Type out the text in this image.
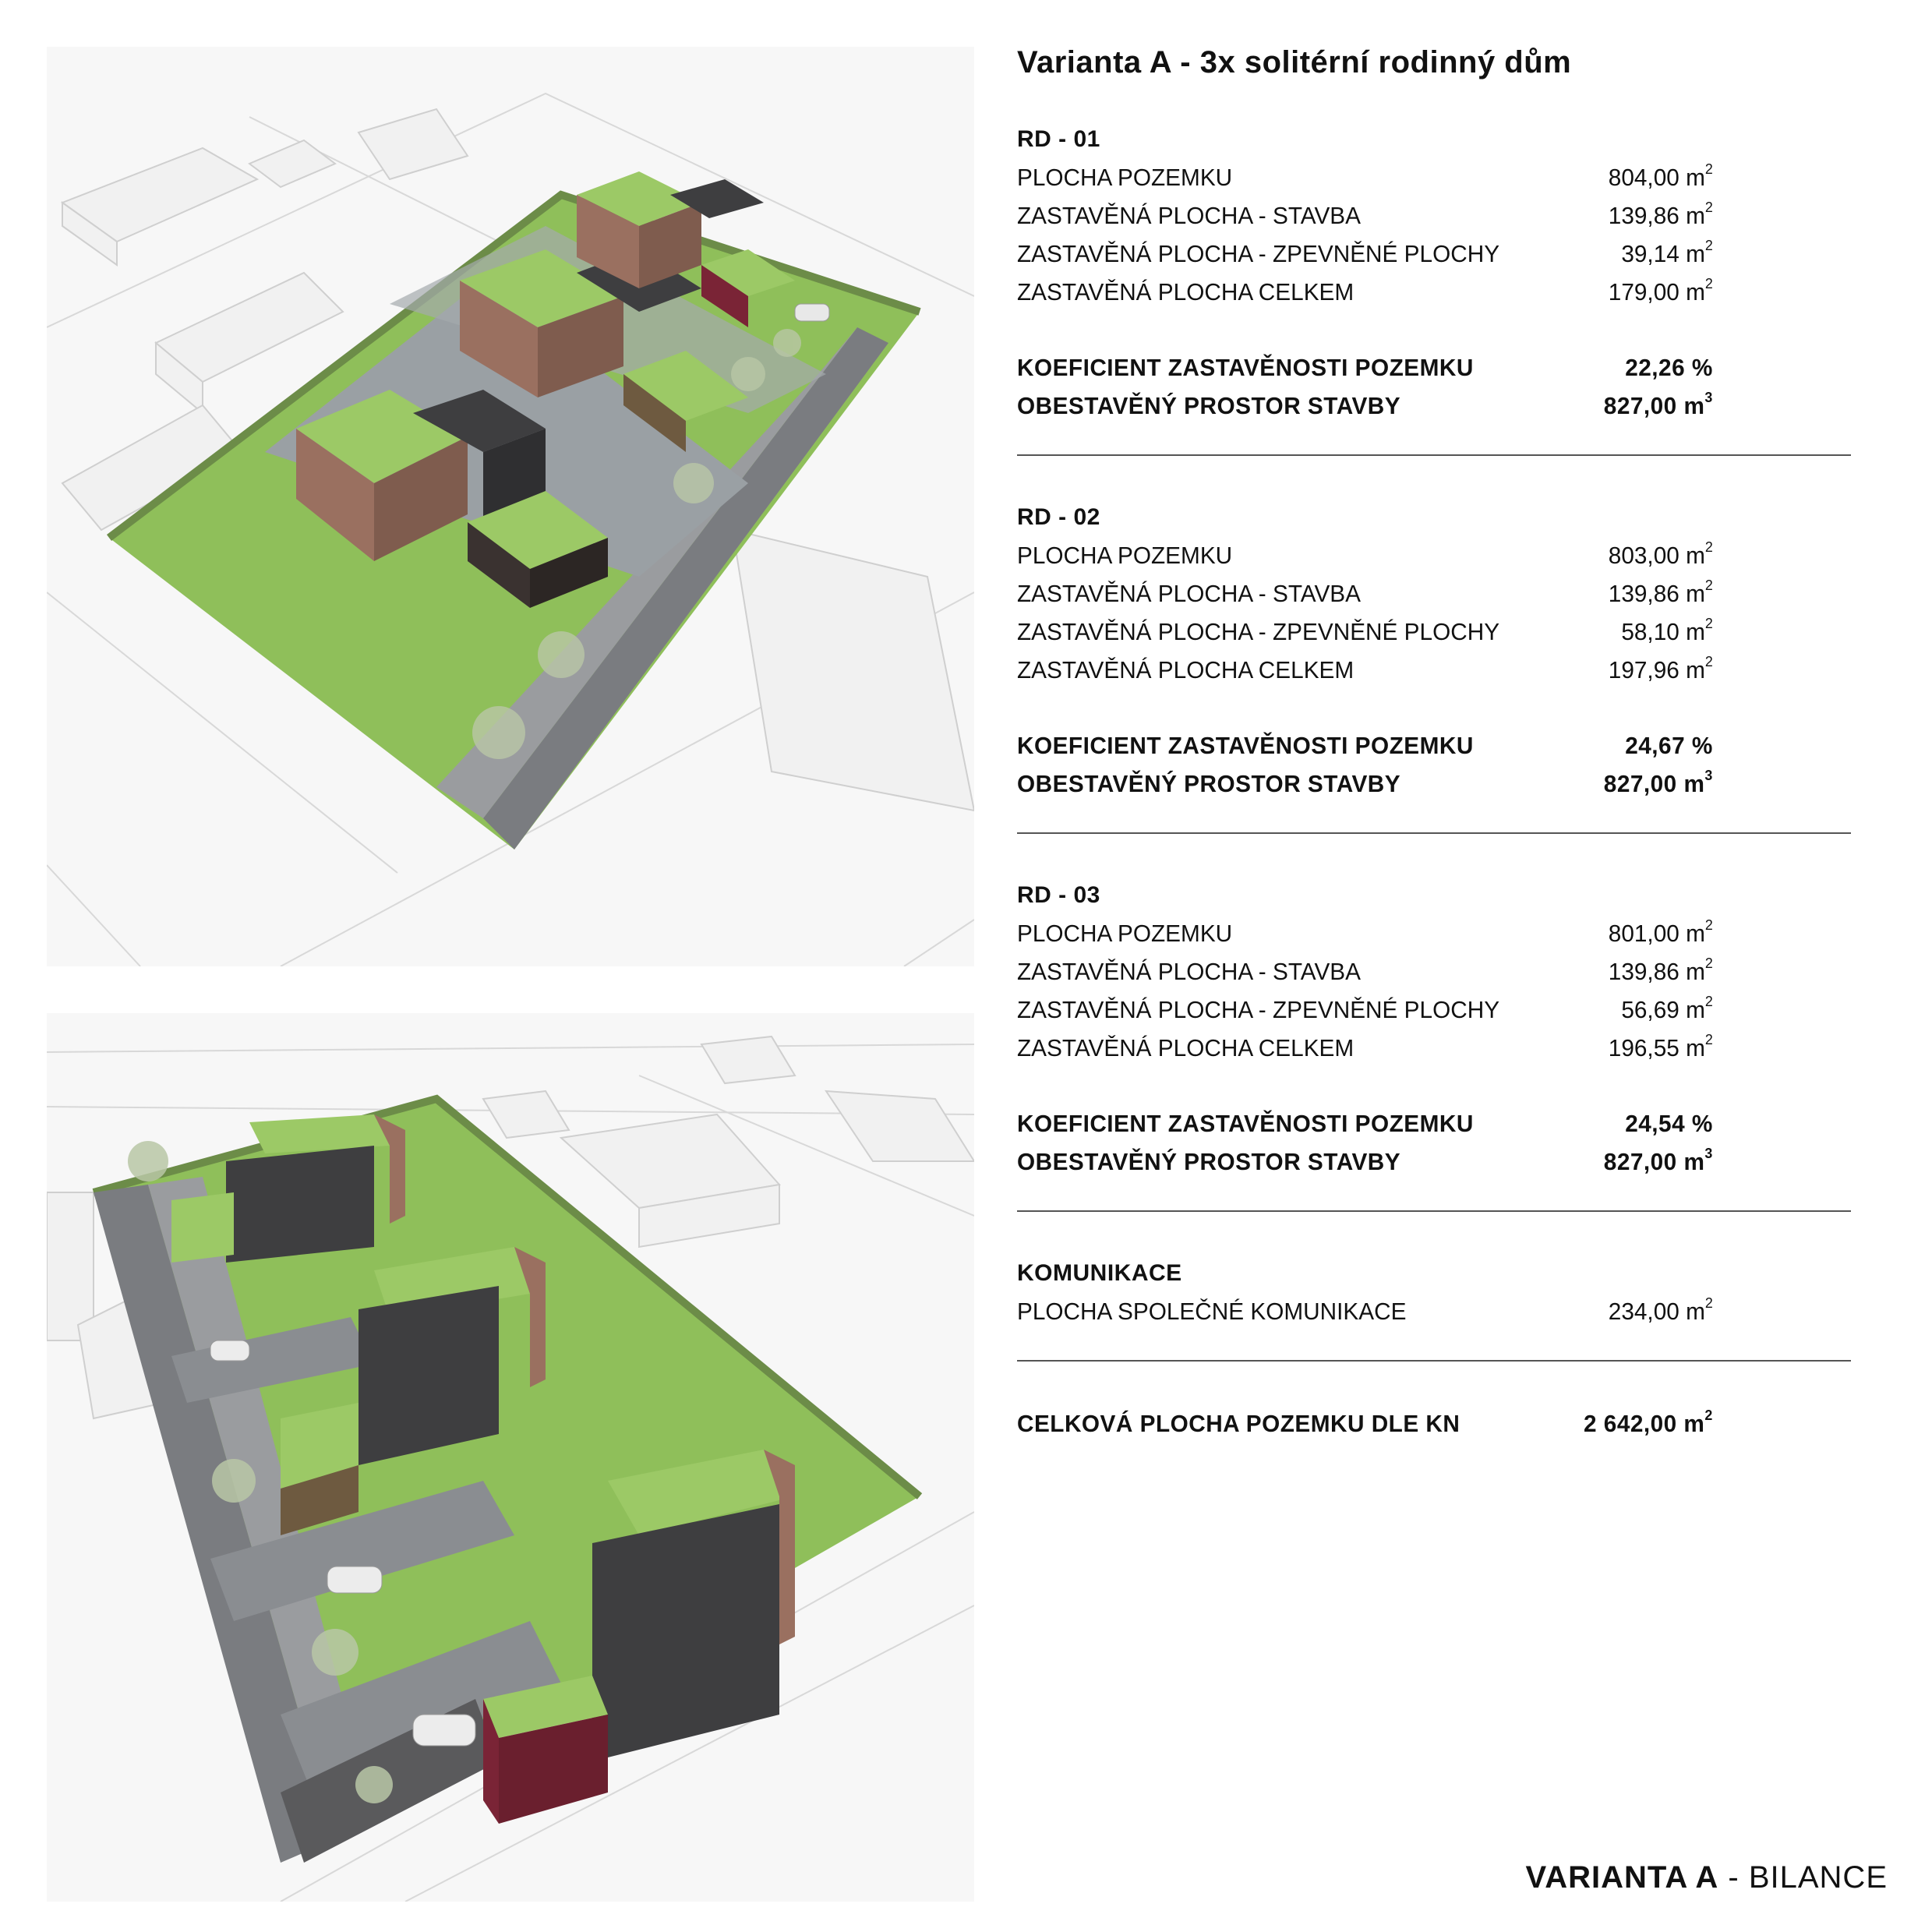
Varianta A - 3x solitérní rodinný dům
RD - 01
PLOCHA POZEMKU	804,00 $m^2$
ZASTAVĚNÁ PLOCHA - STAVBA	139,86 $m^2$
ZASTAVĚNÁ PLOCHA - ZPEVNĚNÉ PLOCHY	39,14 $m^2$
ZASTAVĚNÁ PLOCHA CELKEM	179,00 $m^2$
KOEFICIENT ZASTAVĚNOSTI POZEMKU	22,26 %
OBESTAVĚNÝ PROSTOR STAVBY	827,00 $m^3$
RD - 02
PLOCHA POZEMKU	803,00 $m^2$
ZASTAVĚNÁ PLOCHA - STAVBA	139,86 $m^2$
ZASTAVĚNÁ PLOCHA - ZPEVNĚNÉ PLOCHY	58,10 $m^2$
ZASTAVĚNÁ PLOCHA CELKEM	197,96 $m^2$
KOEFICIENT ZASTAVĚNOSTI POZEMKU	24,67 %
OBESTAVĚNÝ PROSTOR STAVBY	827,00 $m^3$
RD - 03
PLOCHA POZEMKU	801,00 $m^2$
ZASTAVĚNÁ PLOCHA - STAVBA	139,86 $m^2$
ZASTAVĚNÁ PLOCHA - ZPEVNĚNÉ PLOCHY	56,69 $m^2$
ZASTAVĚNÁ PLOCHA CELKEM	196,55 $m^2$
KOEFICIENT ZASTAVĚNOSTI POZEMKU	24,54 %
OBESTAVĚNÝ PROSTOR STAVBY	827,00 $m^3$
KOMUNIKACE
PLOCHA SPOLEČNÉ KOMUNIKACE	234,00 $m^2$
CELKOVÁ PLOCHA POZEMKU DLE KN	2 642,00 $m^2$
VARIANTA A - BILANCE
